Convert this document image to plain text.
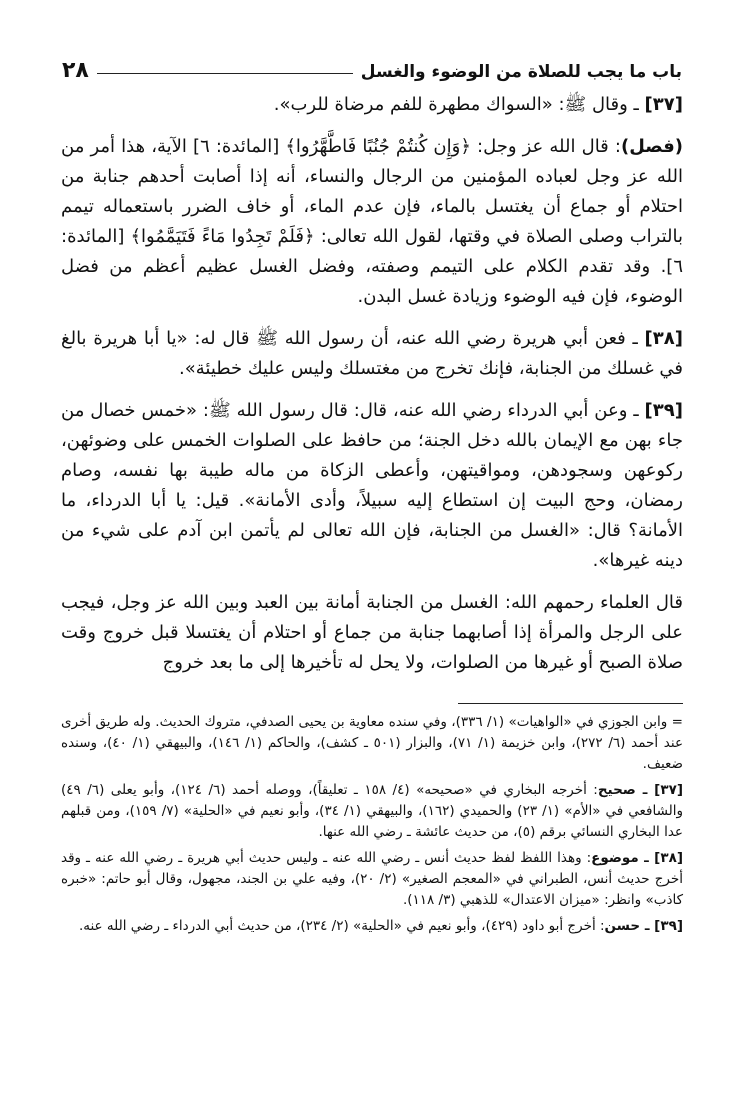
باب ما يجب للصلاة من الوضوء والغسل
٢٨

[٣٧] ـ وقال ﷺ: «السواك مطهرة للفم مرضاة للرب».

(فصل): قال الله عز وجل: ﴿وَإِن كُنتُمْ جُنُبًا فَاطَّهَّرُوا﴾ [المائدة: ٦] الآية، هذا أمر من الله عز وجل لعباده المؤمنين من الرجال والنساء، أنه إذا أصابت أحدهم جنابة من احتلام أو جماع أن يغتسل بالماء، فإن عدم الماء، أو خاف الضرر باستعماله تيمم بالتراب وصلى الصلاة في وقتها، لقول الله تعالى: ﴿فَلَمْ تَجِدُوا مَاءً فَتَيَمَّمُوا﴾ [المائدة: ٦]. وقد تقدم الكلام على التيمم وصفته، وفضل الغسل عظيم أعظم من فضل الوضوء، فإن فيه الوضوء وزيادة غسل البدن.

[٣٨] ـ فعن أبي هريرة رضي الله عنه، أن رسول الله ﷺ قال له: «يا أبا هريرة بالغ في غسلك من الجنابة، فإنك تخرج من مغتسلك وليس عليك خطيئة».

[٣٩] ـ وعن أبي الدرداء رضي الله عنه، قال: قال رسول الله ﷺ: «خمس خصال من جاء بهن مع الإيمان بالله دخل الجنة؛ من حافظ على الصلوات الخمس على وضوئهن، ركوعهن وسجودهن، ومواقيتهن، وأعطى الزكاة من ماله طيبة بها نفسه، وصام رمضان، وحج البيت إن استطاع إليه سبيلاً، وأدى الأمانة». قيل: يا أبا الدرداء، ما الأمانة؟ قال: «الغسل من الجنابة، فإن الله تعالى لم يأتمن ابن آدم على شيء من دينه غيرها».

قال العلماء رحمهم الله: الغسل من الجنابة أمانة بين العبد وبين الله عز وجل، فيجب على الرجل والمرأة إذا أصابهما جنابة من جماع أو احتلام أن يغتسلا قبل خروج وقت صلاة الصبح أو غيرها من الصلوات، ولا يحل له تأخيرها إلى ما بعد خروج

= وابن الجوزي في «الواهيات» (١/ ٣٣٦)، وفي سنده معاوية بن يحيى الصدفي، متروك الحديث. وله طريق أخرى عند أحمد (٦/ ٢٧٢)، وابن خزيمة (١/ ٧١)، والبزار (٥٠١ ـ كشف)، والحاكم (١/ ١٤٦)، والبيهقي (١/ ٤٠)، وسنده ضعيف.

[٣٧] ـ صحيح: أخرجه البخاري في «صحيحه» (٤/ ١٥٨ ـ تعليقاً)، ووصله أحمد (٦/ ١٢٤)، وأبو يعلى (٦/ ٤٩) والشافعي في «الأم» (١/ ٢٣) والحميدي (١٦٢)، والبيهقي (١/ ٣٤)، وأبو نعيم في «الحلية» (٧/ ١٥٩)، ومن قبلهم عدا البخاري النسائي برقم (٥)، من حديث عائشة ـ رضي الله عنها.

[٣٨] ـ موضوع: وهذا اللفظ لفظ حديث أنس ـ رضي الله عنه ـ وليس حديث أبي هريرة ـ رضي الله عنه ـ وقد أخرج حديث أنس، الطبراني في «المعجم الصغير» (٢/ ٢٠)، وفيه علي بن الجند، مجهول، وقال أبو حاتم: «خبره كاذب» وانظر: «ميزان الاعتدال» للذهبي (٣/ ١١٨).

[٣٩] ـ حسن: أخرج أبو داود (٤٢٩)، وأبو نعيم في «الحلية» (٢/ ٢٣٤)، من حديث أبي الدرداء ـ رضي الله عنه.
